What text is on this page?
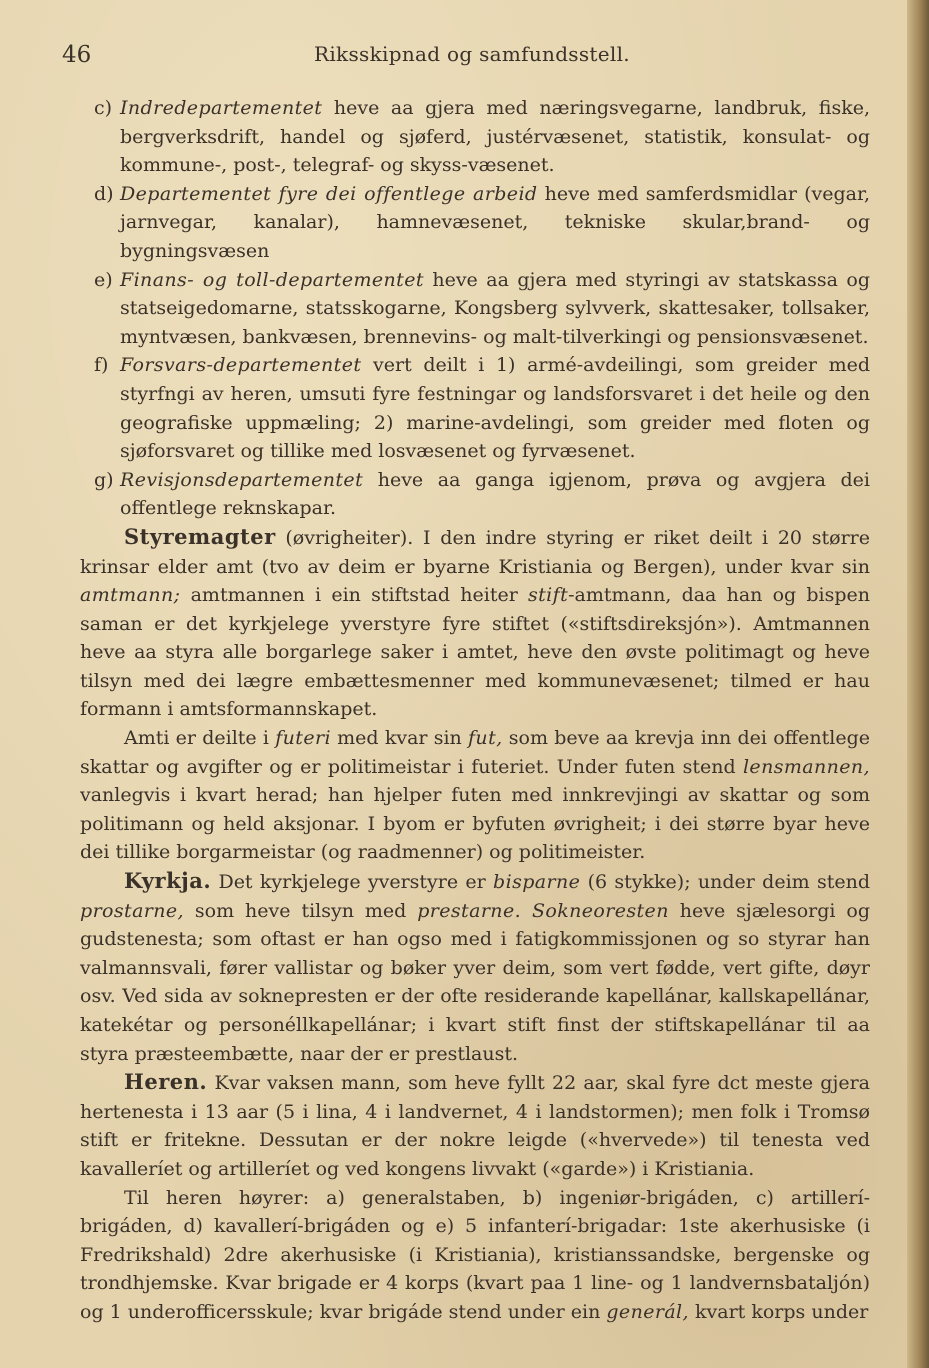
46	Riksskipnad og samfundsstell.

c) Indredepartementet heve aa gjera med næringsvegarne, landbruk, fiske, bergverksdrift, handel og sjøferd, justérvæsenet, statistik, konsulat- og kommune-, post-, telegraf- og skyss-væsenet.

d) Departementet fyre dei offentlege arbeid heve med samferdsmidlar (vegar, jarnvegar, kanalar), hamnevæsenet, tekniske skular,brand- og bygningsvæsen

e) Finans- og toll-departementet heve aa gjera med styringi av statskassa og statseigedomarne, statsskogarne, Kongsberg sylvverk, skattesaker, tollsaker, myntvæsen, bankvæsen, brennevins- og malt-tilverkingi og pensionsvæsenet.

f) Forsvars-departementet vert deilt i 1) armé-avdeilingi, som greider med styrfngi av heren, umsuti fyre festningar og landsforsvaret i det heile og den geografiske uppmæling; 2) marine-avdelingi, som greider med floten og sjøforsvaret og tillike med losvæsenet og fyrvæsenet.

g) Revisjonsdepartementet heve aa ganga igjenom, prøva og avgjera dei offentlege reknskapar.

Styremagter (øvrigheiter). I den indre styring er riket deilt i 20 større krinsar elder amt (tvo av deim er byarne Kristiania og Bergen), under kvar sin amtmann; amtmannen i ein stiftstad heiter stift-amtmann, daa han og bispen saman er det kyrkjelege yverstyre fyre stiftet («stiftsdireksjón»). Amtmannen heve aa styra alle borgarlege saker i amtet, heve den øvste politimagt og heve tilsyn med dei lægre embættesmenner med kommunevæsenet; tilmed er hau formann i amtsformannskapet.

Amti er deilte i futeri med kvar sin fut, som beve aa krevja inn dei offentlege skattar og avgifter og er politimeistar i futeriet. Under futen stend lensmannen, vanlegvis i kvart herad; han hjelper futen med innkrevjingi av skattar og som politimann og held aksjonar. I byom er byfuten øvrigheit; i dei større byar heve dei tillike borgarmeistar (og raadmenner) og politimeister.

Kyrkja. Det kyrkjelege yverstyre er bisparne (6 stykke); under deim stend prostarne, som heve tilsyn med prestarne. Sokneoresten heve sjælesorgi og gudstenesta; som oftast er han ogso med i fatigkommissjonen og so styrar han valmannsvali, fører vallistar og bøker yver deim, som vert fødde, vert gifte, døyr osv. Ved sida av soknepresten er der ofte residerande kapellánar, kallskapellánar, katekétar og personéllkapellánar; i kvart stift finst der stiftskapellánar til aa styra præsteembætte, naar der er prestlaust.

Heren. Kvar vaksen mann, som heve fyllt 22 aar, skal fyre dct meste gjera hertenesta i 13 aar (5 i lina, 4 i landvernet, 4 i landstormen); men folk i Tromsø stift er fritekne. Dessutan er der nokre leigde («hvervede») til tenesta ved kavalleríet og artilleríet og ved kongens livvakt («garde») i Kristiania.

Til heren høyrer: a) generalstaben, b) ingeniør-brigáden, c) artillerí-brigáden, d) kavallerí-brigáden og e) 5 infanterí-brigadar: 1ste akerhusiske (i Fredrikshald) 2dre akerhusiske (i Kristiania), kristianssandske, bergenske og trondhjemske. Kvar brigade er 4 korps (kvart paa 1 line- og 1 landvernsbataljón) og 1 underofficersskule; kvar brigáde stend under ein generál, kvart korps under
